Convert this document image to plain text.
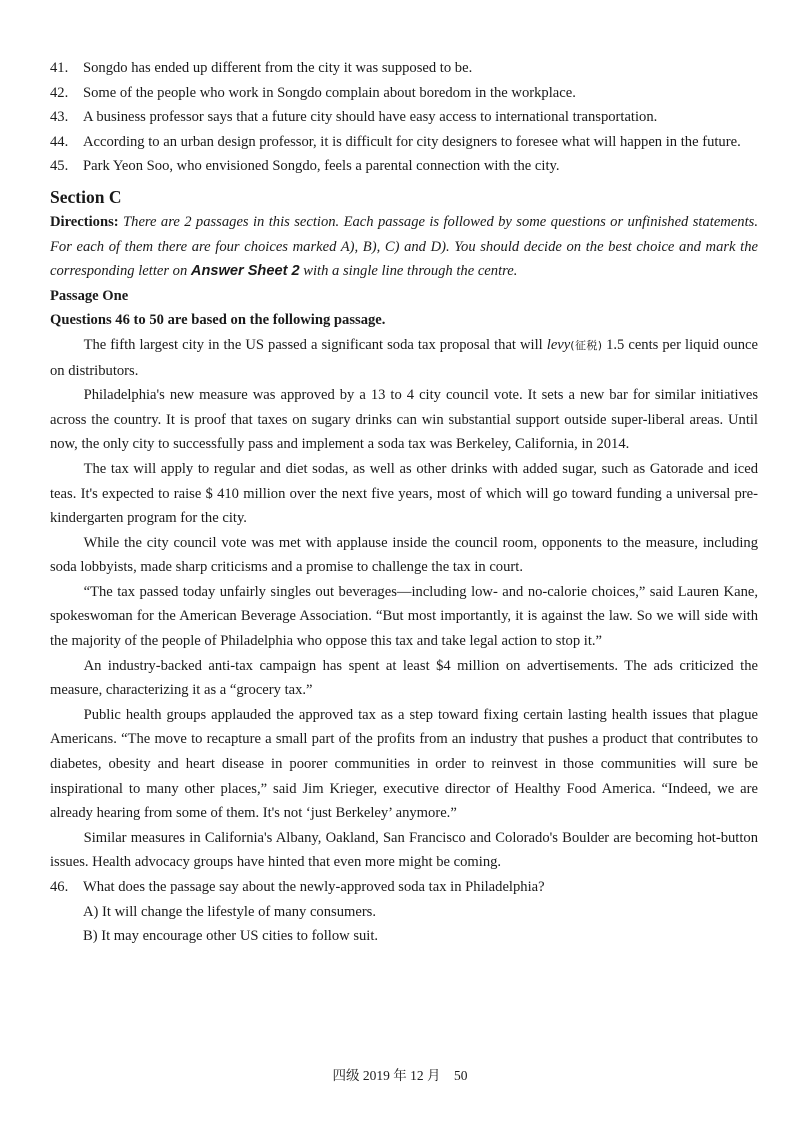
41. Songdo has ended up different from the city it was supposed to be.
42. Some of the people who work in Songdo complain about boredom in the workplace.
43. A business professor says that a future city should have easy access to international transportation.
44. According to an urban design professor, it is difficult for city designers to foresee what will happen in the future.
45. Park Yeon Soo, who envisioned Songdo, feels a parental connection with the city.
Section C
Directions: There are 2 passages in this section. Each passage is followed by some questions or unfinished statements. For each of them there are four choices marked A), B), C) and D). You should decide on the best choice and mark the corresponding letter on Answer Sheet 2 with a single line through the centre.
Passage One
Questions 46 to 50 are based on the following passage.
The fifth largest city in the US passed a significant soda tax proposal that will levy(征税) 1.5 cents per liquid ounce on distributors.
Philadelphia's new measure was approved by a 13 to 4 city council vote. It sets a new bar for similar initiatives across the country. It is proof that taxes on sugary drinks can win substantial support outside super-liberal areas. Until now, the only city to successfully pass and implement a soda tax was Berkeley, California, in 2014.
The tax will apply to regular and diet sodas, as well as other drinks with added sugar, such as Gatorade and iced teas. It's expected to raise $ 410 million over the next five years, most of which will go toward funding a universal pre-kindergarten program for the city.
While the city council vote was met with applause inside the council room, opponents to the measure, including soda lobbyists, made sharp criticisms and a promise to challenge the tax in court.
“The tax passed today unfairly singles out beverages—including low- and no-calorie choices,” said Lauren Kane, spokeswoman for the American Beverage Association. “But most importantly, it is against the law. So we will side with the majority of the people of Philadelphia who oppose this tax and take legal action to stop it.”
An industry-backed anti-tax campaign has spent at least $4 million on advertisements. The ads criticized the measure, characterizing it as a “grocery tax.”
Public health groups applauded the approved tax as a step toward fixing certain lasting health issues that plague Americans. “The move to recapture a small part of the profits from an industry that pushes a product that contributes to diabetes, obesity and heart disease in poorer communities in order to reinvest in those communities will sure be inspirational to many other places,” said Jim Krieger, executive director of Healthy Food America. “Indeed, we are already hearing from some of them. It's not ‘just Berkeley’ anymore.”
Similar measures in California's Albany, Oakland, San Francisco and Colorado's Boulder are becoming hot-button issues. Health advocacy groups have hinted that even more might be coming.
46. What does the passage say about the newly-approved soda tax in Philadelphia?
A) It will change the lifestyle of many consumers.
B) It may encourage other US cities to follow suit.
四级 2019 年 12 月　50
